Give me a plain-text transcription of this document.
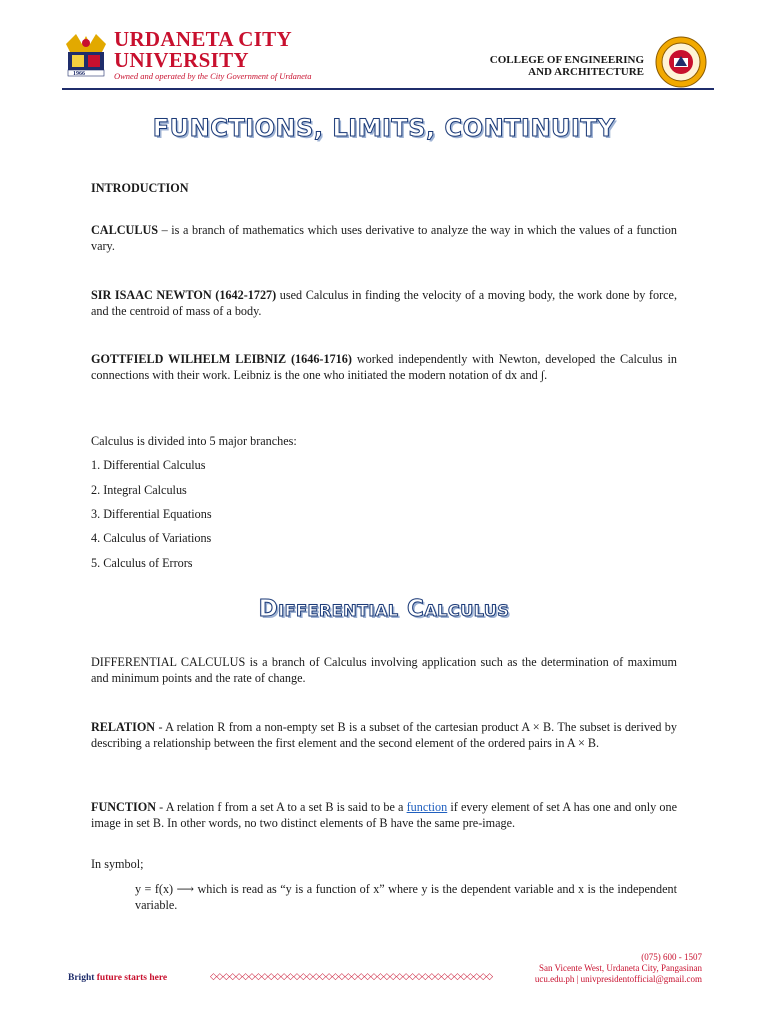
1966
URDANETA CITY
UNIVERSITY
Owned and operated by the City Government of Urdaneta
COLLEGE OF ENGINEERING
AND ARCHITECTURE
FUNCTIONS, LIMITS, CONTINUITY
INTRODUCTION
CALCULUS – is a branch of mathematics which uses derivative to analyze the way in which the values of a function vary.
SIR ISAAC NEWTON (1642-1727) used Calculus in finding the velocity of a moving body, the work done by force, and the centroid of mass of a body.
GOTTFIELD WILHELM LEIBNIZ (1646-1716) worked independently with Newton, developed the Calculus in connections with their work. Leibniz is the one who initiated the modern notation of dx and ∫.
Calculus is divided into 5 major branches:
1. Differential Calculus
2. Integral Calculus
3. Differential Equations
4. Calculus of Variations
5. Calculus of Errors
Differential Calculus
DIFFERENTIAL CALCULUS is a branch of Calculus involving application such as the determination of maximum and minimum points and the rate of change.
RELATION - A relation R from a non-empty set B is a subset of the cartesian product A × B. The subset is derived by describing a relationship between the first element and the second element of the ordered pairs in A × B.
FUNCTION - A relation f from a set A to a set B is said to be a function if every element of set A has one and only one image in set B. In other words, no two distinct elements of B have the same pre-image.
In symbol;
y = f(x) ⟶ which is read as “y is a function of x” where y is the dependent variable and x is the independent variable.
Bright future starts here	◇◇◇◇◇◇◇◇◇◇◇◇◇◇◇◇◇◇◇◇◇◇◇◇◇◇◇◇◇◇◇◇◇◇◇◇◇◇◇◇◇◇◇◇
(075) 600 - 1507
San Vicente West, Urdaneta City, Pangasinan
ucu.edu.ph | univpresidentofficial@gmail.com
